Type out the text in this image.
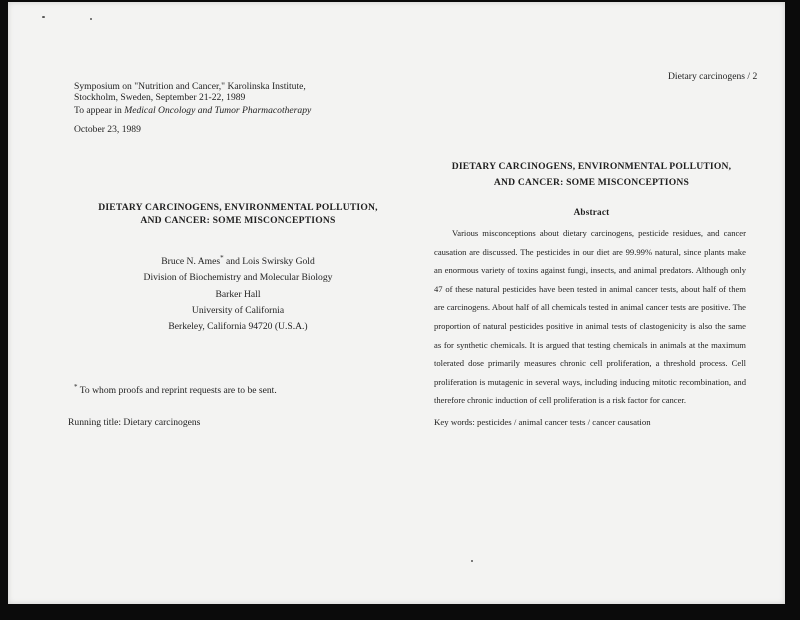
Symposium on "Nutrition and Cancer," Karolinska Institute,
Stockholm, Sweden, September 21-22, 1989
To appear in Medical Oncology and Tumor Pharmacotherapy
October 23, 1989
DIETARY CARCINOGENS, ENVIRONMENTAL POLLUTION,
AND CANCER: SOME MISCONCEPTIONS
Bruce N. Ames* and Lois Swirsky Gold
Division of Biochemistry and Molecular Biology
Barker Hall
University of California
Berkeley, California 94720 (U.S.A.)
* To whom proofs and reprint requests are to be sent.
Running title: Dietary carcinogens
Dietary carcinogens / 2
DIETARY CARCINOGENS, ENVIRONMENTAL POLLUTION,
AND CANCER: SOME MISCONCEPTIONS
Abstract
Various misconceptions about dietary carcinogens, pesticide residues, and cancer causation are discussed. The pesticides in our diet are 99.99% natural, since plants make an enormous variety of toxins against fungi, insects, and animal predators. Although only 47 of these natural pesticides have been tested in animal cancer tests, about half of them are carcinogens. About half of all chemicals tested in animal cancer tests are positive. The proportion of natural pesticides positive in animal tests of clastogenicity is also the same as for synthetic chemicals. It is argued that testing chemicals in animals at the maximum tolerated dose primarily measures chronic cell proliferation, a threshold process. Cell proliferation is mutagenic in several ways, including inducing mitotic recombination, and therefore chronic induction of cell proliferation is a risk factor for cancer.
Key words: pesticides / animal cancer tests / cancer causation
